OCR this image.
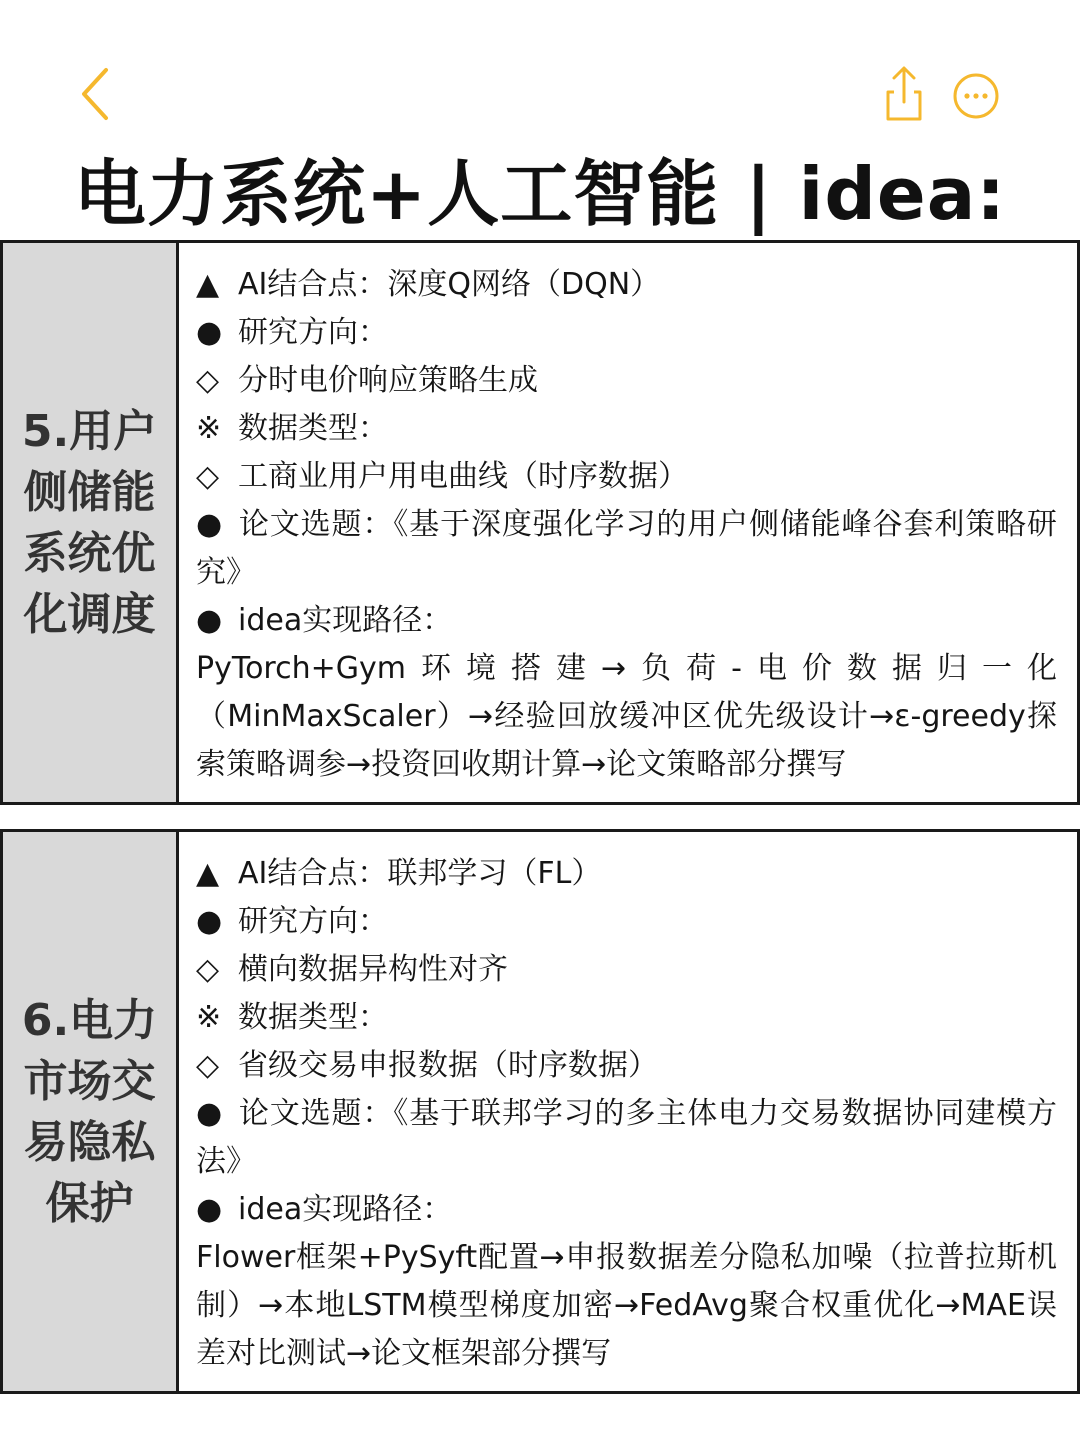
电力系统+人工智能 | idea:
5.用户侧储能系统优化调度
▲ AI结合点：深度Q网络（DQN）
● 研究方向：
◇ 分时电价响应策略生成
※ 数据类型：
◇ 工商业用户用电曲线（时序数据）
● 论文选题：《基于深度强化学习的用户侧储能峰谷套利策略研究》
● idea实现路径：
PyTorch+Gym环境搭建→负荷-电价数据归一化（MinMaxScaler）→经验回放缓冲区优先级设计→ε-greedy探索策略调参→投资回收期计算→论文策略部分撰写
6.电力市场交易隐私保护
▲ AI结合点：联邦学习（FL）
● 研究方向：
◇ 横向数据异构性对齐
※ 数据类型：
◇ 省级交易申报数据（时序数据）
● 论文选题：《基于联邦学习的多主体电力交易数据协同建模方法》
● idea实现路径：
Flower框架+PySyft配置→申报数据差分隐私加噪（拉普拉斯机制）→本地LSTM模型梯度加密→FedAvg聚合权重优化→MAE误差对比测试→论文框架部分撰写
